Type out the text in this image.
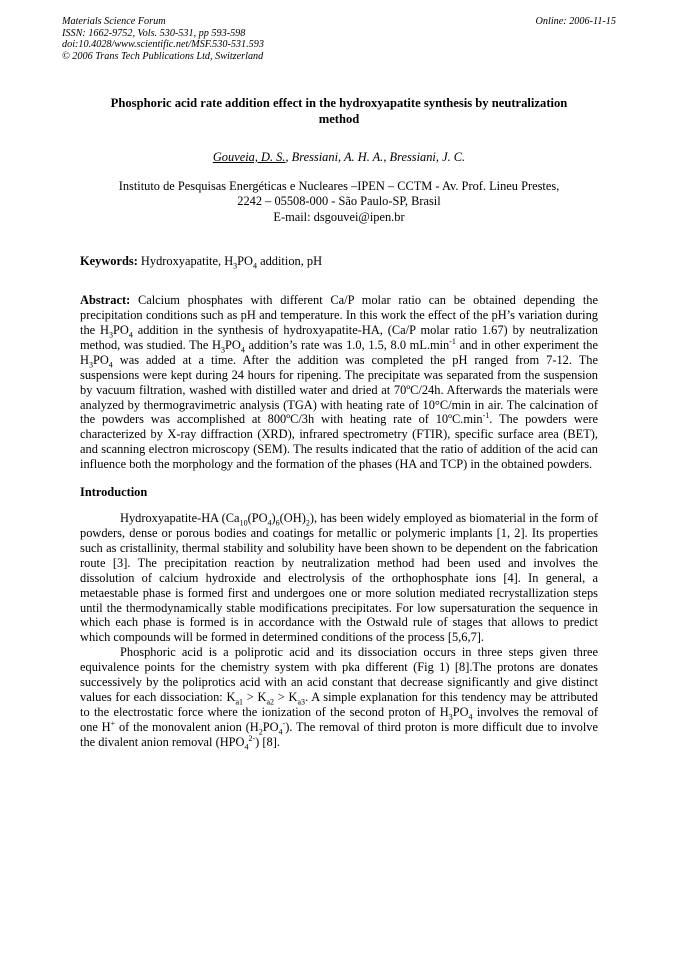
Materials Science Forum
ISSN: 1662-9752, Vols. 530-531, pp 593-598
doi:10.4028/www.scientific.net/MSF.530-531.593
© 2006 Trans Tech Publications Ltd, Switzerland
Online: 2006-11-15
Phosphoric acid rate addition effect in the hydroxyapatite synthesis by neutralization method
Gouveia, D. S., Bressiani, A. H. A., Bressiani, J. C.
Instituto de Pesquisas Energéticas e Nucleares –IPEN – CCTM - Av. Prof. Lineu Prestes,
2242 – 05508-000 - São Paulo-SP, Brasil
E-mail: dsgouvei@ipen.br
Keywords: Hydroxyapatite, $H_3PO_4$ addition, pH
Abstract: Calcium phosphates with different Ca/P molar ratio can be obtained depending the precipitation conditions such as pH and temperature. In this work the effect of the pH’s variation during the $H_3PO_4$ addition in the synthesis of hydroxyapatite-HA, (Ca/P molar ratio 1.67) by neutralization method, was studied. The $H_3PO_4$ addition’s rate was 1.0, 1.5, 8.0 $mL.\min^{-1}$ and in other experiment the $H_3PO_4$ was added at a time. After the addition was completed the pH ranged from 7-12. The suspensions were kept during 24 hours for ripening. The precipitate was separated from the suspension by vacuum filtration, washed with distilled water and dried at 70ºC/24h. Afterwards the materials were analyzed by thermogravimetric analysis (TGA) with heating rate of 10°C/min in air. The calcination of the powders was accomplished at 800ºC/3h with heating rate of $10ºC.\min^{-1}$. The powders were characterized by X-ray diffraction (XRD), infrared spectrometry (FTIR), specific surface area (BET), and scanning electron microscopy (SEM). The results indicated that the ratio of addition of the acid can influence both the morphology and the formation of the phases (HA and TCP) in the obtained powders.
Introduction
Hydroxyapatite-HA $(Ca_{10}(PO_4)_6(OH)_2)$, has been widely employed as biomaterial in the form of powders, dense or porous bodies and coatings for metallic or polymeric implants [1, 2]. Its properties such as cristallinity, thermal stability and solubility have been shown to be dependent on the fabrication route [3]. The precipitation reaction by neutralization method had been used and involves the dissolution of calcium hydroxide and electrolysis of the orthophosphate ions [4]. In general, a metaestable phase is formed first and undergoes one or more solution mediated recrystallization steps until the thermodynamically stable modifications precipitates. For low supersaturation the sequence in which each phase is formed is in accordance with the Ostwald rule of stages that allows to predict which compounds will be formed in determined conditions of the process [5,6,7].
Phosphoric acid is a poliprotic acid and its dissociation occurs in three steps given three equivalence points for the chemistry system with pka different (Fig 1) [8].The protons are donates successively by the poliprotics acid with an acid constant that decrease significantly and give distinct values for each dissociation: $K_{a1} > K_{a2} > K_{a3}$. A simple explanation for this tendency may be attributed to the electrostatic force where the ionization of the second proton of $H_3PO_4$ involves the removal of one H+ of the monovalent anion $(H_2PO_4^-)$. The removal of third proton is more difficult due to involve the divalent anion removal $(HPO_4^{2-})$ [8].
